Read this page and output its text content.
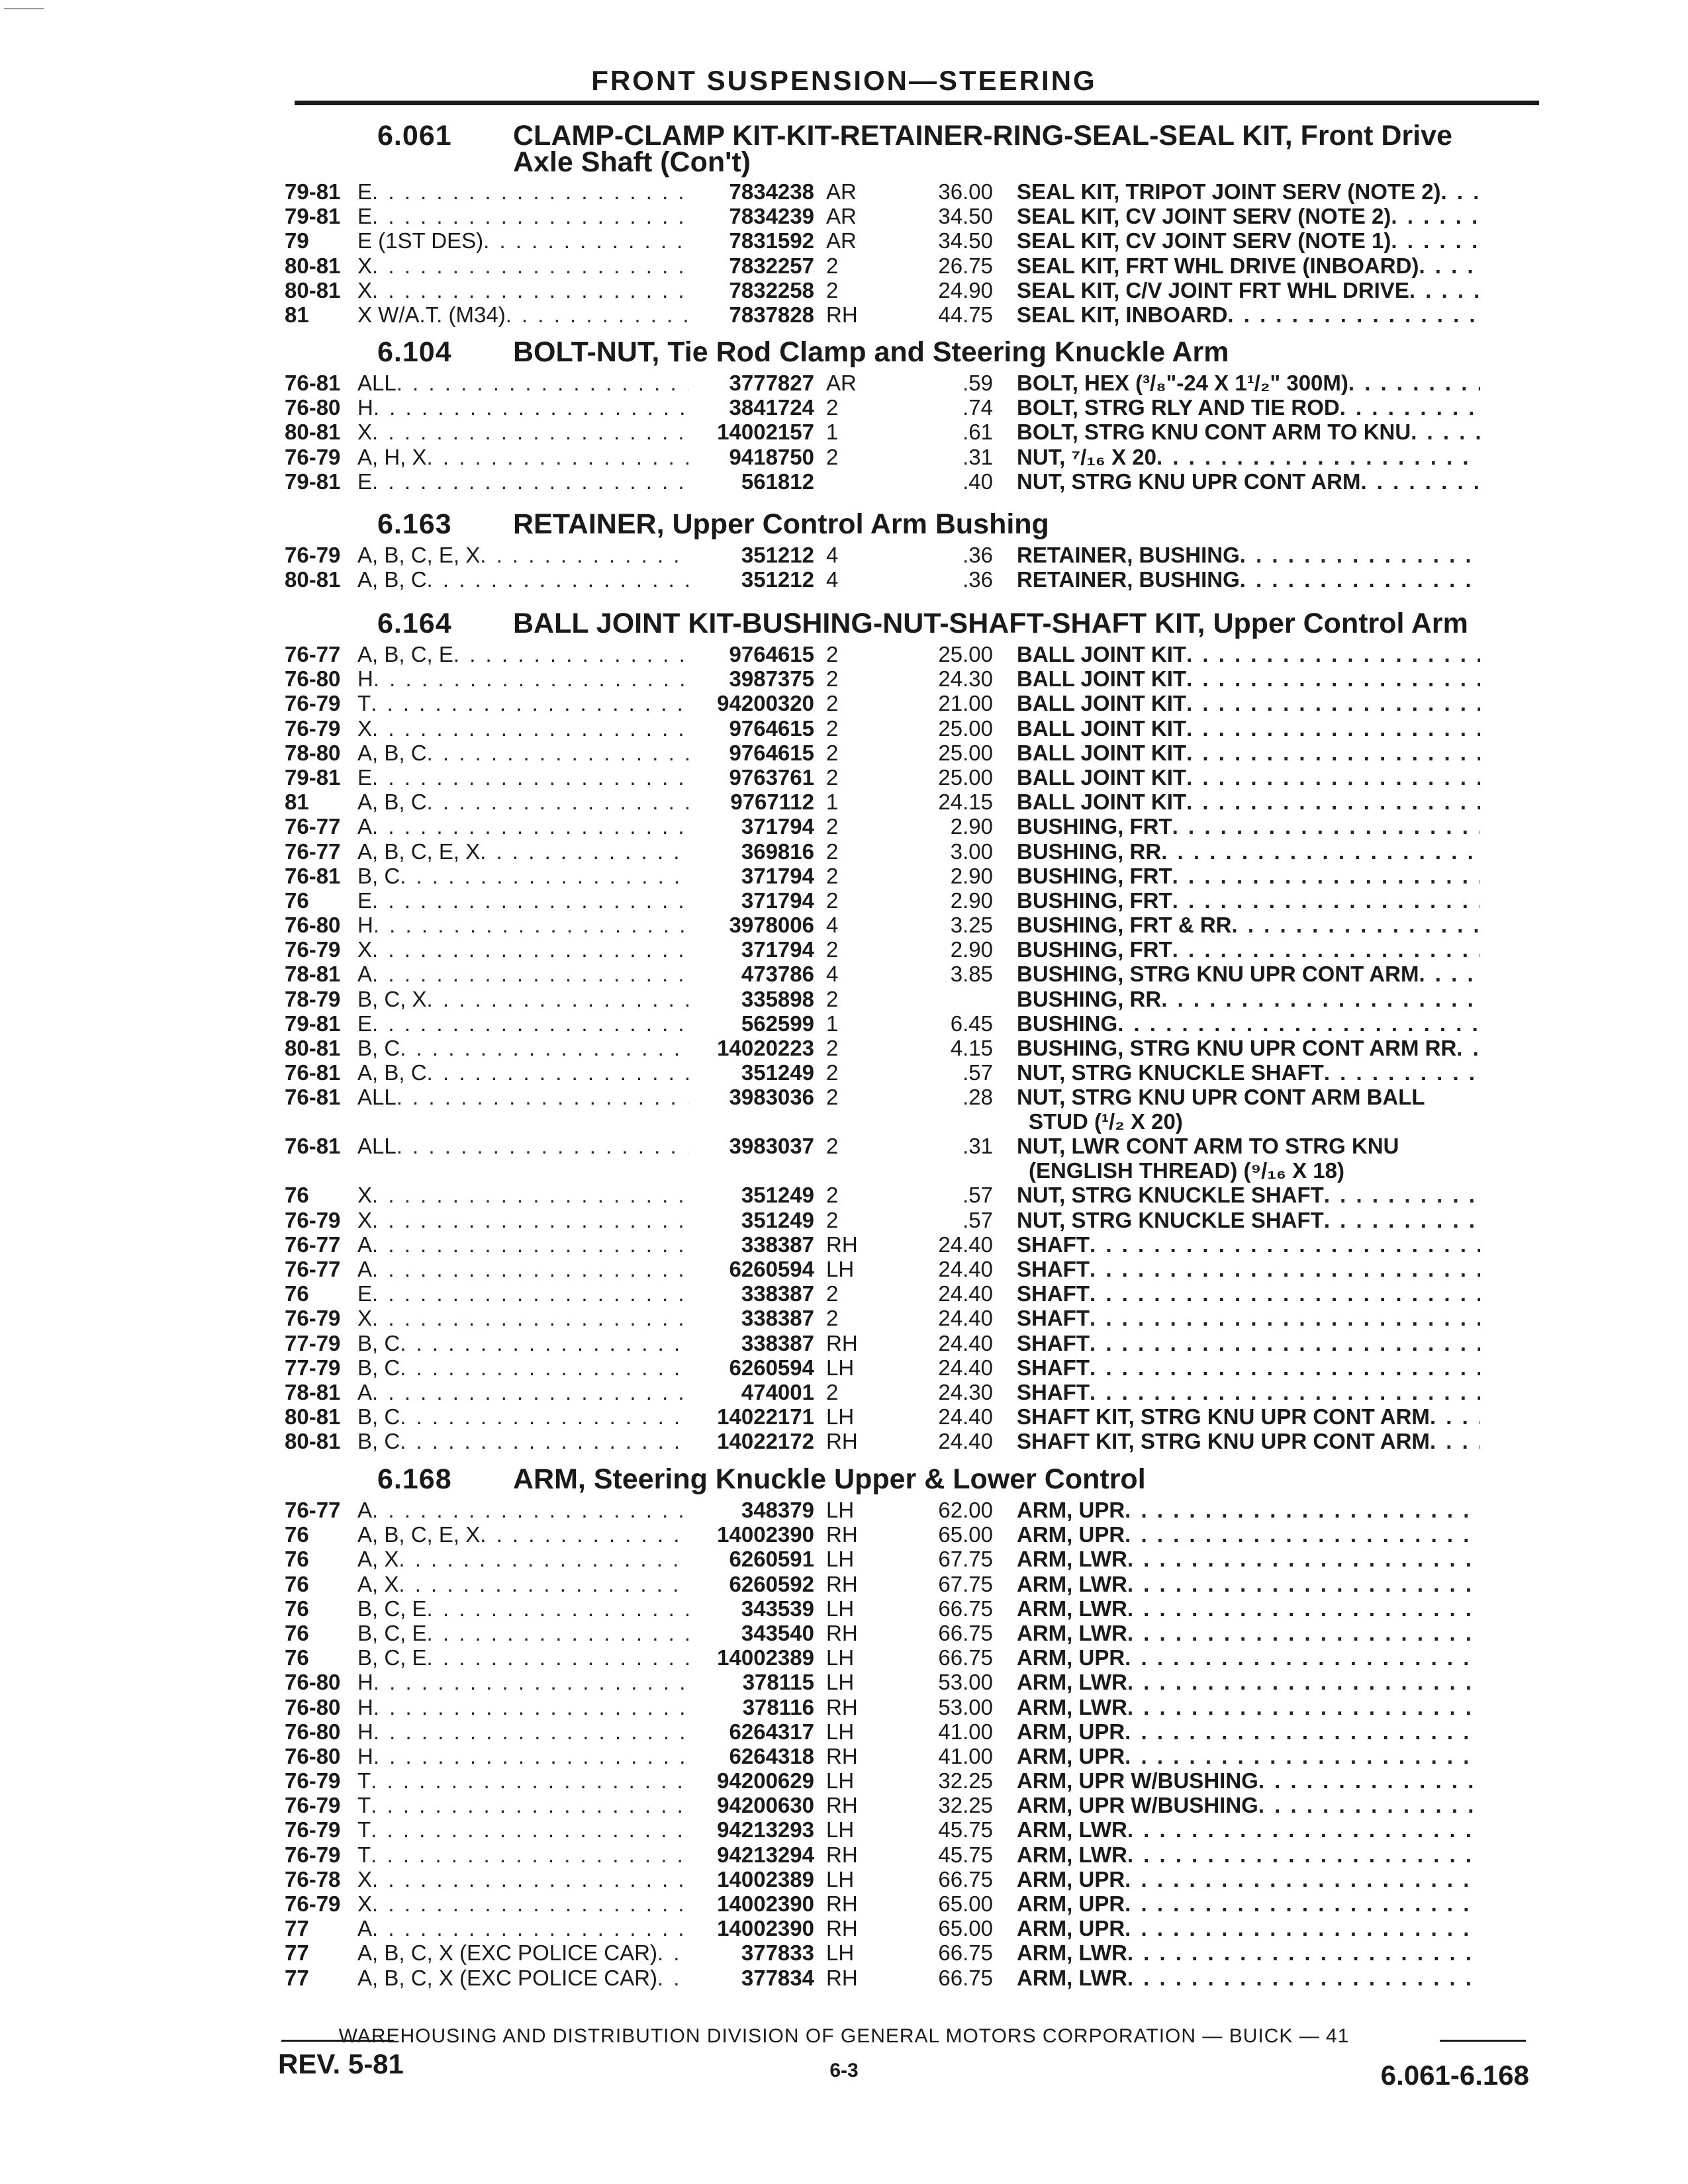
FRONT SUSPENSION—STEERING
6.061	CLAMP-CLAMP KIT-KIT-RETAINER-RING-SEAL-SEAL KIT, Front Drive Axle Shaft (Con't)
79-81 E . . .	7834238 AR	36.00 SEAL KIT, TRIPOT JOINT SERV (NOTE 2)
. . .
79-81 E . . .	7834239 AR	34.50 SEAL KIT, CV JOINT SERV (NOTE 2)
. . .
79	E (1ST DES) . . .	7831592 AR	34.50 SEAL KIT, CV JOINT SERV (NOTE 1)
. . .
80-81 X . . .	7832257 2	26.75 SEAL KIT, FRT WHL DRIVE (INBOARD)
. . .
80-81 X . . .	7832258 2	24.90 SEAL KIT, C/V JOINT FRT WHL DRIVE
. . .
81	X W/A.T. (M34) . . .	7837828 RH	44.75 SEAL KIT, INBOARD
. . .
6.104	BOLT-NUT, Tie Rod Clamp and Steering Knuckle Arm
76-81 ALL . . .	3777827 AR	.59 BOLT, HEX (³/₈"-24 X 1¹/₂" 300M)
. . .
76-80 H . . .	3841724 2	.74 BOLT, STRG RLY AND TIE ROD
. . .
80-81 X . . .	14002157 1	.61 BOLT, STRG KNU CONT ARM TO KNU
. . .
76-79 A, H, X . . .	9418750 2	.31 NUT, ⁷/₁₆ X 20
. . .
79-81 E . . .	561812	.40 NUT, STRG KNU UPR CONT ARM
. . .
6.163	RETAINER, Upper Control Arm Bushing
76-79 A, B, C, E, X . . .	351212 4	.36 RETAINER, BUSHING
. . .
80-81 A, B, C . . .	351212 4	.36 RETAINER, BUSHING
. . .
6.164	BALL JOINT KIT-BUSHING-NUT-SHAFT-SHAFT KIT, Upper Control Arm
76-77 A, B, C, E . . .	9764615 2	25.00 BALL JOINT KIT
. . .
76-80 H . . .	3987375 2	24.30 BALL JOINT KIT
. . .
76-79 T . . .	94200320 2	21.00 BALL JOINT KIT
. . .
76-79 X . . .	9764615 2	25.00 BALL JOINT KIT
. . .
78-80 A, B, C . . .	9764615 2	25.00 BALL JOINT KIT
. . .
79-81 E . . .	9763761 2	25.00 BALL JOINT KIT
. . .
81	A, B, C . . .	9767112 1	24.15 BALL JOINT KIT
. . .
76-77 A . . .	371794 2	2.90 BUSHING, FRT
. . .
76-77 A, B, C, E, X . . .	369816 2	3.00 BUSHING, RR
. . .
76-81 B, C . . .	371794 2	2.90 BUSHING, FRT
. . .
76	E . . .	371794 2	2.90 BUSHING, FRT
. . .
76-80 H . . .	3978006 4	3.25 BUSHING, FRT & RR
. . .
76-79 X . . .	371794 2	2.90 BUSHING, FRT
. . .
78-81 A . . .	473786 4	3.85 BUSHING, STRG KNU UPR CONT ARM
. . .
78-79 B, C, X . . .	335898 2	BUSHING, RR
. . .
79-81 E . . .	562599 1	6.45 BUSHING
. . .
80-81 B, C . . .	14020223 2	4.15 BUSHING, STRG KNU UPR CONT ARM RR
. . .
76-81 A, B, C . . .	351249 2	.57 NUT, STRG KNUCKLE SHAFT
. . .
76-81 ALL . . .	3983036 2	.28 NUT, STRG KNU UPR CONT ARM BALL
STUD (¹/₂ X 20)
76-81 ALL . . .	3983037 2	.31 NUT, LWR CONT ARM TO STRG KNU
(ENGLISH THREAD) (⁹/₁₆ X 18)
76	X . . .	351249 2	.57 NUT, STRG KNUCKLE SHAFT
. . .
76-79 X . . .	351249 2	.57 NUT, STRG KNUCKLE SHAFT
. . .
76-77 A . . .	338387 RH	24.40 SHAFT
. . .
76-77 A . . .	6260594 LH	24.40 SHAFT
. . .
76	E . . .	338387 2	24.40 SHAFT
. . .
76-79 X . . .	338387 2	24.40 SHAFT
. . .
77-79 B, C . . .	338387 RH	24.40 SHAFT
. . .
77-79 B, C . . .	6260594 LH	24.40 SHAFT
. . .
78-81 A . . .	474001 2	24.30 SHAFT
. . .
80-81 B, C . . .	14022171 LH	24.40 SHAFT KIT, STRG KNU UPR CONT ARM
. . .
80-81 B, C . . .	14022172 RH	24.40 SHAFT KIT, STRG KNU UPR CONT ARM
. . .
6.168	ARM, Steering Knuckle Upper & Lower Control
76-77 A . . .	348379 LH	62.00 ARM, UPR
. . .
76	A, B, C, E, X . . .	14002390 RH	65.00 ARM, UPR
. . .
76	A, X . . .	6260591 LH	67.75 ARM, LWR
. . .
76	A, X . . .	6260592 RH	67.75 ARM, LWR
. . .
76	B, C, E . . .	343539 LH	66.75 ARM, LWR
. . .
76	B, C, E . . .	343540 RH	66.75 ARM, LWR
. . .
76	B, C, E . . .	14002389 LH	66.75 ARM, UPR
. . .
76-80 H . . .	378115 LH	53.00 ARM, LWR
. . .
76-80 H . . .	378116 RH	53.00 ARM, LWR
. . .
76-80 H . . .	6264317 LH	41.00 ARM, UPR
. . .
76-80 H . . .	6264318 RH	41.00 ARM, UPR
. . .
76-79 T . . .	94200629 LH	32.25 ARM, UPR W/BUSHING
. . .
76-79 T . . .	94200630 RH	32.25 ARM, UPR W/BUSHING
. . .
76-79 T . . .	94213293 LH	45.75 ARM, LWR
. . .
76-79 T . . .	94213294 RH	45.75 ARM, LWR
. . .
76-78 X . . .	14002389 LH	66.75 ARM, UPR
. . .
76-79 X . . .	14002390 RH	65.00 ARM, UPR
. . .
77	A . . .	14002390 RH	65.00 ARM, UPR
. . .
77	A, B, C, X (EXC POLICE CAR) . . .	377833 LH	66.75 ARM, LWR
. . .
77	A, B, C, X (EXC POLICE CAR) . . .	377834 RH	66.75 ARM, LWR
. . .
WAREHOUSING AND DISTRIBUTION DIVISION OF GENERAL MOTORS CORPORATION — BUICK — 41
REV. 5-81	6-3	6.061-6.168
